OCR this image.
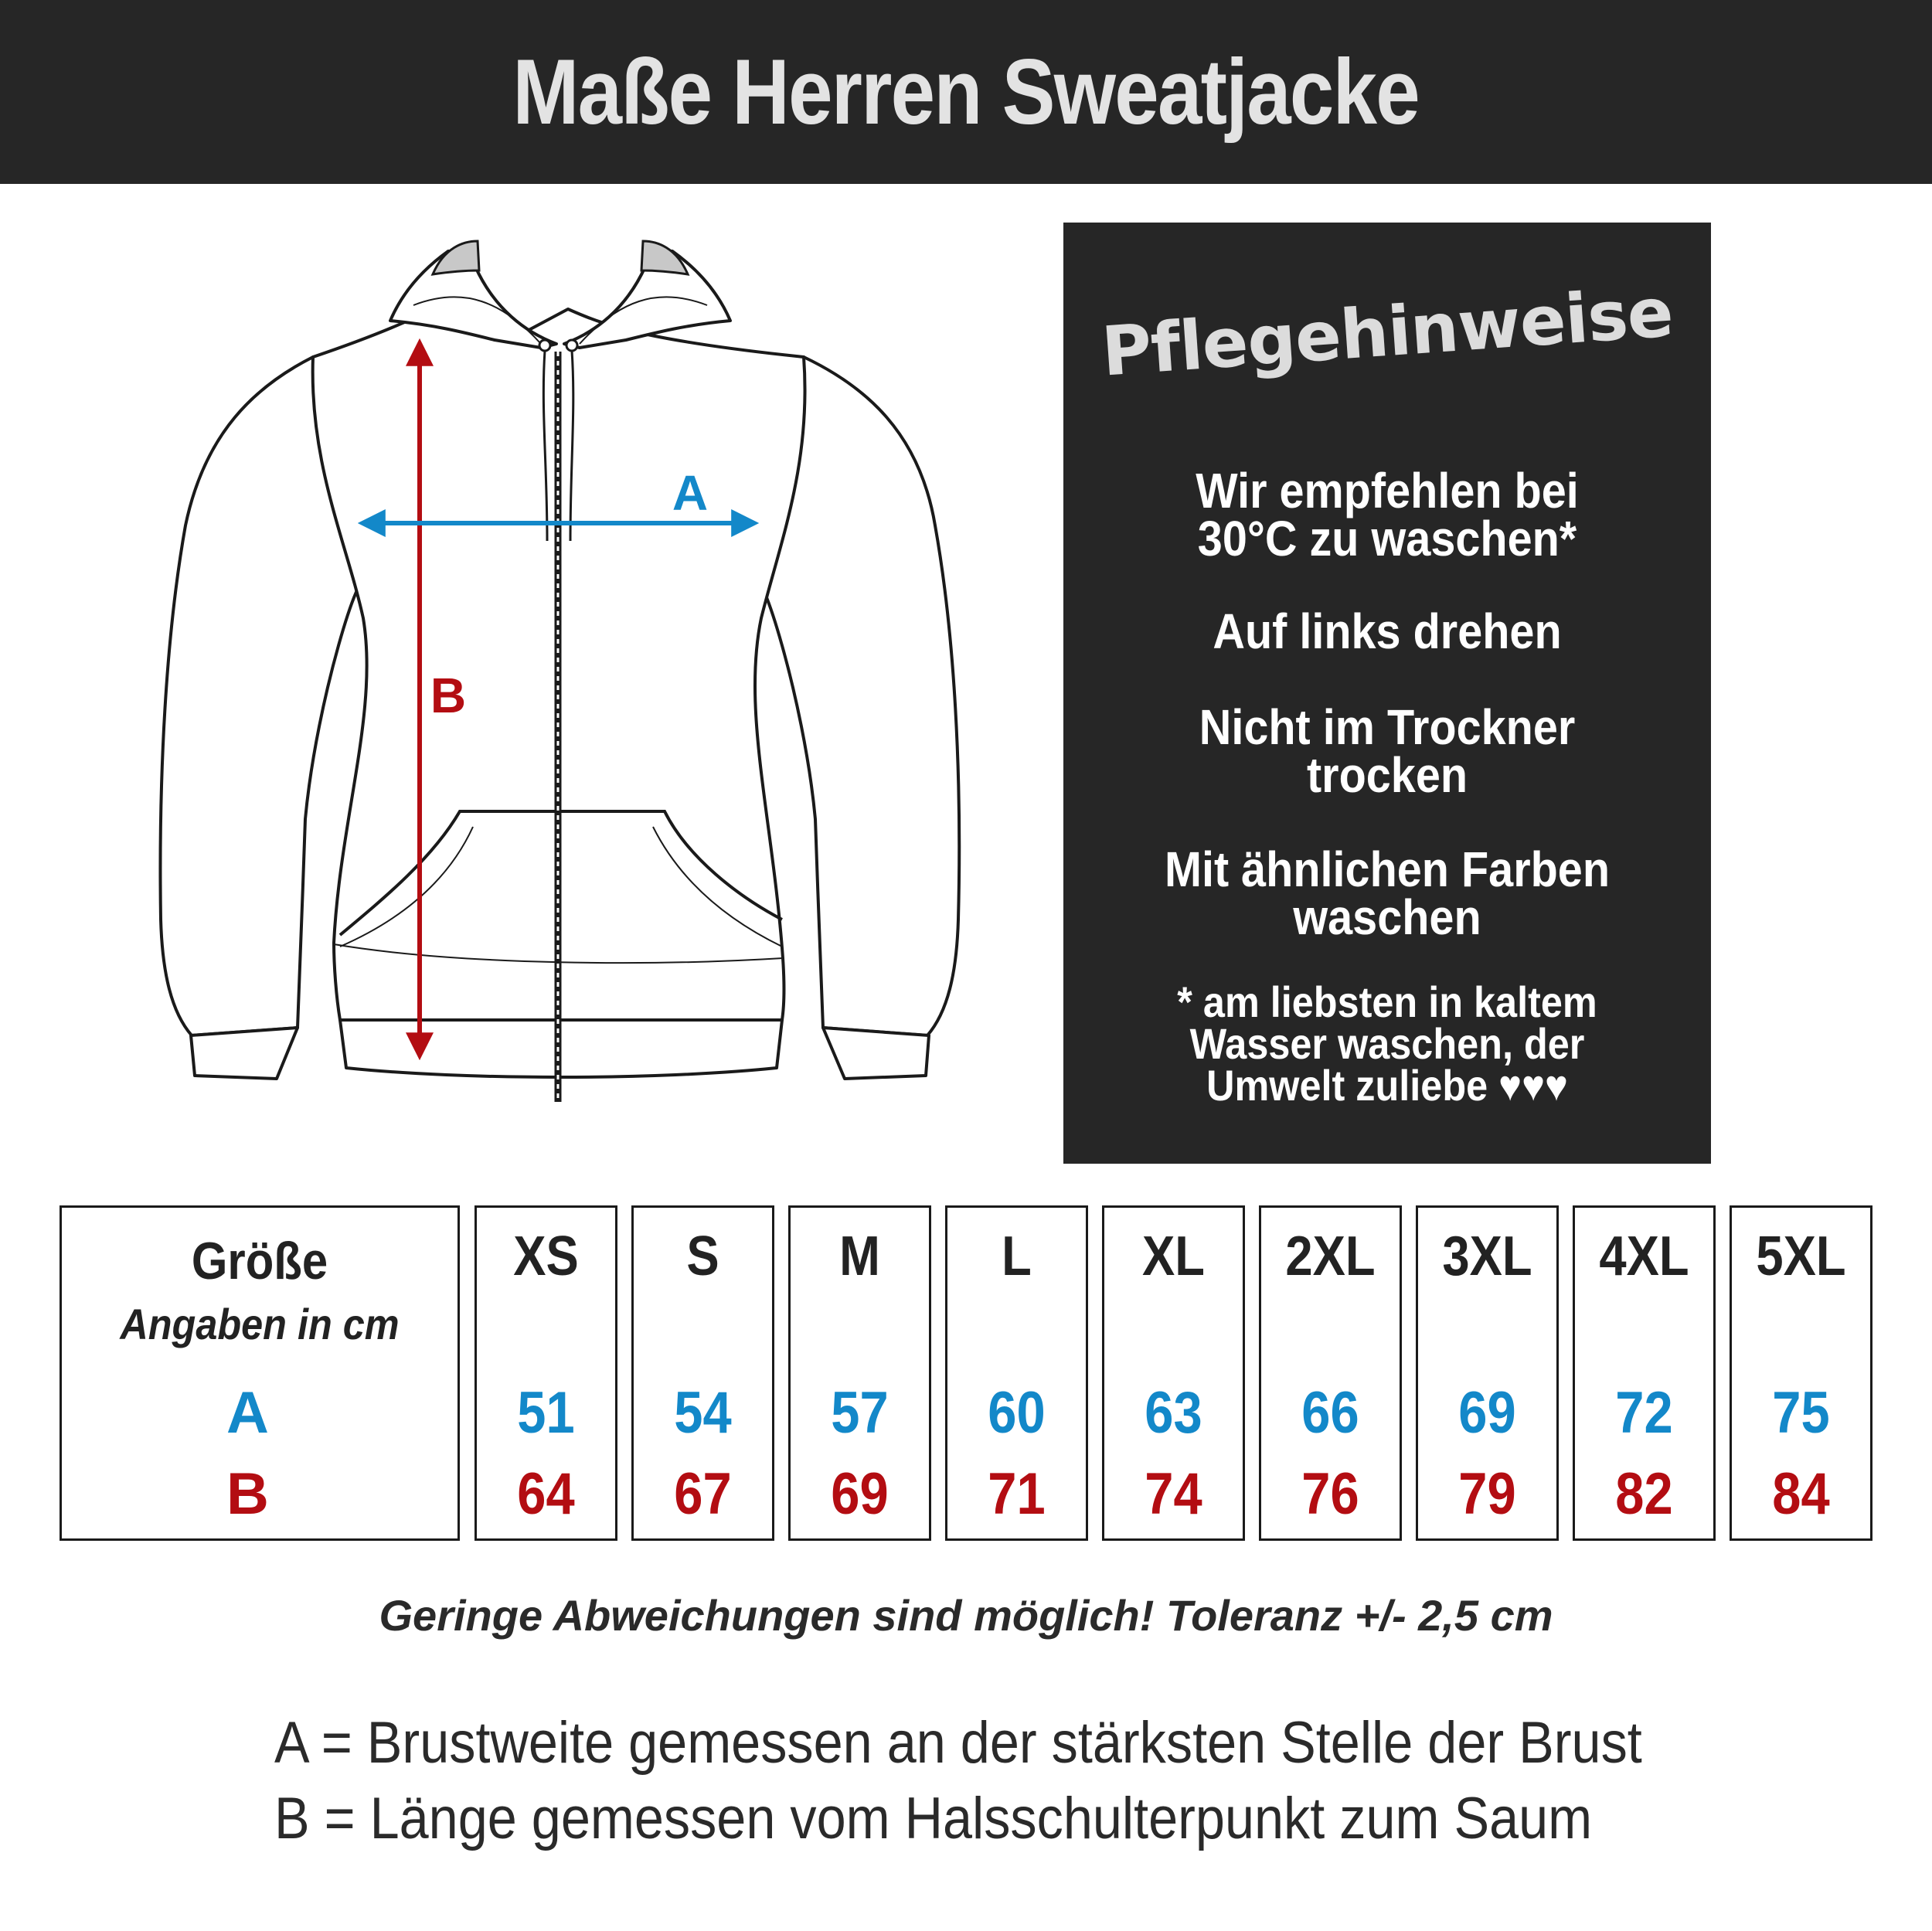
Maße Herren Sweatjacke
A
B
Pflegehinweise
Wir empfehlen bei
30°C zu waschen*
Auf links drehen
Nicht im Trockner
trocken
Mit ähnlichen Farben
waschen
* am liebsten in kaltem
Wasser waschen, der
Umwelt zuliebe ♥♥♥
Größe
Angaben in cm
A
B
XS
51
64
S
54
67
M
57
69
L
60
71
XL
63
74
2XL
66
76
3XL
69
79
4XL
72
82
5XL
75
84
Geringe Abweichungen sind möglich! Toleranz +/- 2,5 cm
A = Brustweite gemessen an der stärksten Stelle der Brust
B = Länge gemessen vom Halsschulterpunkt zum Saum
